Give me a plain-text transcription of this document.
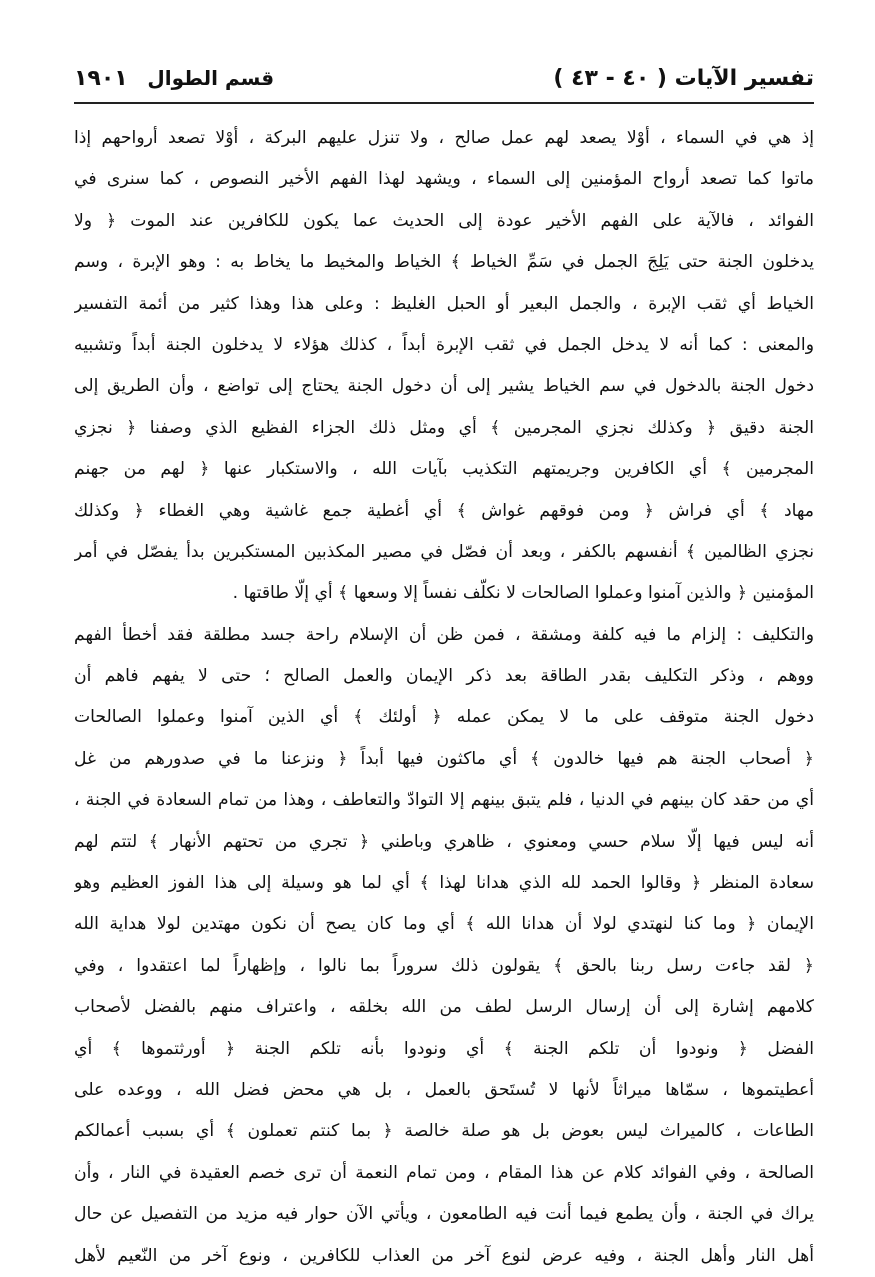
تفسير الآيات ( ٤٠ - ٤٣ )
قسم الطوال ١٩٠١
إذ هي في السماء ، أوْلا يصعد لهم عمل صالح ، ولا تنزل عليهم البركة ، أوْلا تصعد أرواحهم إذا
ماتوا كما تصعد أرواح المؤمنين إلى السماء ، ويشهد لهذا الفهم الأخير النصوص ، كما سنرى في
الفوائد ، فالآية على الفهم الأخير عودة إلى الحديث عما يكون للكافرين عند الموت ﴿ ولا
يدخلون الجنة حتى يَلِجَ الجمل في سَمِّ الخياط ﴾ الخياط والمخيط ما يخاط به : وهو الإبرة ، وسم
الخياط أي ثقب الإبرة ، والجمل البعير أو الحبل الغليظ : وعلى هذا وهذا كثير من أئمة التفسير
والمعنى : كما أنه لا يدخل الجمل في ثقب الإبرة أبداً ، كذلك هؤلاء لا يدخلون الجنة أبداً وتشبيه
دخول الجنة بالدخول في سم الخياط يشير إلى أن دخول الجنة يحتاج إلى تواضع ، وأن الطريق إلى
الجنة دقيق ﴿ وكذلك نجزي المجرمين ﴾ أي ومثل ذلك الجزاء الفظيع الذي وصفنا ﴿ نجزي
المجرمين ﴾ أي الكافرين وجريمتهم التكذيب بآيات الله ، والاستكبار عنها ﴿ لهم من جهنم
مهاد ﴾ أي فراش ﴿ ومن فوقهم غواش ﴾ أي أغطية جمع غاشية وهي الغطاء ﴿ وكذلك
نجزي الظالمين ﴾ أنفسهم بالكفر ، وبعد أن فصّل في مصير المكذبين المستكبرين بدأ يفصّل في أمر
المؤمنين ﴿ والذين آمنوا وعملوا الصالحات لا نكلّف نفساً إلا وسعها ﴾ أي إلّا طاقتها .
والتكليف : إلزام ما فيه كلفة ومشقة ، فمن ظن أن الإسلام راحة جسد مطلقة فقد أخطأ الفهم
ووهم ، وذكر التكليف بقدر الطاقة بعد ذكر الإيمان والعمل الصالح ؛ حتى لا يفهم فاهم أن
دخول الجنة متوقف على ما لا يمكن عمله ﴿ أولئك ﴾ أي الذين آمنوا وعملوا الصالحات
﴿ أصحاب الجنة هم فيها خالدون ﴾ أي ماكثون فيها أبداً ﴿ ونزعنا ما في صدورهم من غل
أي من حقد كان بينهم في الدنيا ، فلم يتبق بينهم إلا التوادّ والتعاطف ، وهذا من تمام السعادة في الجنة ،
أنه ليس فيها إلّا سلام حسي ومعنوي ، ظاهري وباطني ﴿ تجري من تحتهم الأنهار ﴾ لتتم لهم
سعادة المنظر ﴿ وقالوا الحمد لله الذي هدانا لهذا ﴾ أي لما هو وسيلة إلى هذا الفوز العظيم وهو
الإيمان ﴿ وما كنا لنهتدي لولا أن هدانا الله ﴾ أي وما كان يصح أن نكون مهتدين لولا هداية الله
﴿ لقد جاءت رسل ربنا بالحق ﴾ يقولون ذلك سروراً بما نالوا ، وإظهاراً لما اعتقدوا ، وفي
كلامهم إشارة إلى أن إرسال الرسل لطف من الله بخلقه ، واعتراف منهم بالفضل لأصحاب
الفضل ﴿ ونودوا أن تلكم الجنة ﴾ أي ونودوا بأنه تلكم الجنة ﴿ أورثتموها ﴾ أي
أعطيتموها ، سمّاها ميراثاً لأنها لا تُستَحق بالعمل ، بل هي محض فضل الله ، ووعده على
الطاعات ، كالميراث ليس بعوض بل هو صلة خالصة ﴿ بما كنتم تعملون ﴾ أي بسبب أعمالكم
الصالحة ، وفي الفوائد كلام عن هذا المقام ، ومن تمام النعمة أن ترى خصم العقيدة في النار ، وأن
يراك في الجنة ، وأن يطمع فيما أنت فيه الطامعون ، ويأتي الآن حوار فيه مزيد من التفصيل عن حال
أهل النار وأهل الجنة ، وفيه عرض لنوع آخر من العذاب للكافرين ، ونوع آخر من النّعيم لأهل
